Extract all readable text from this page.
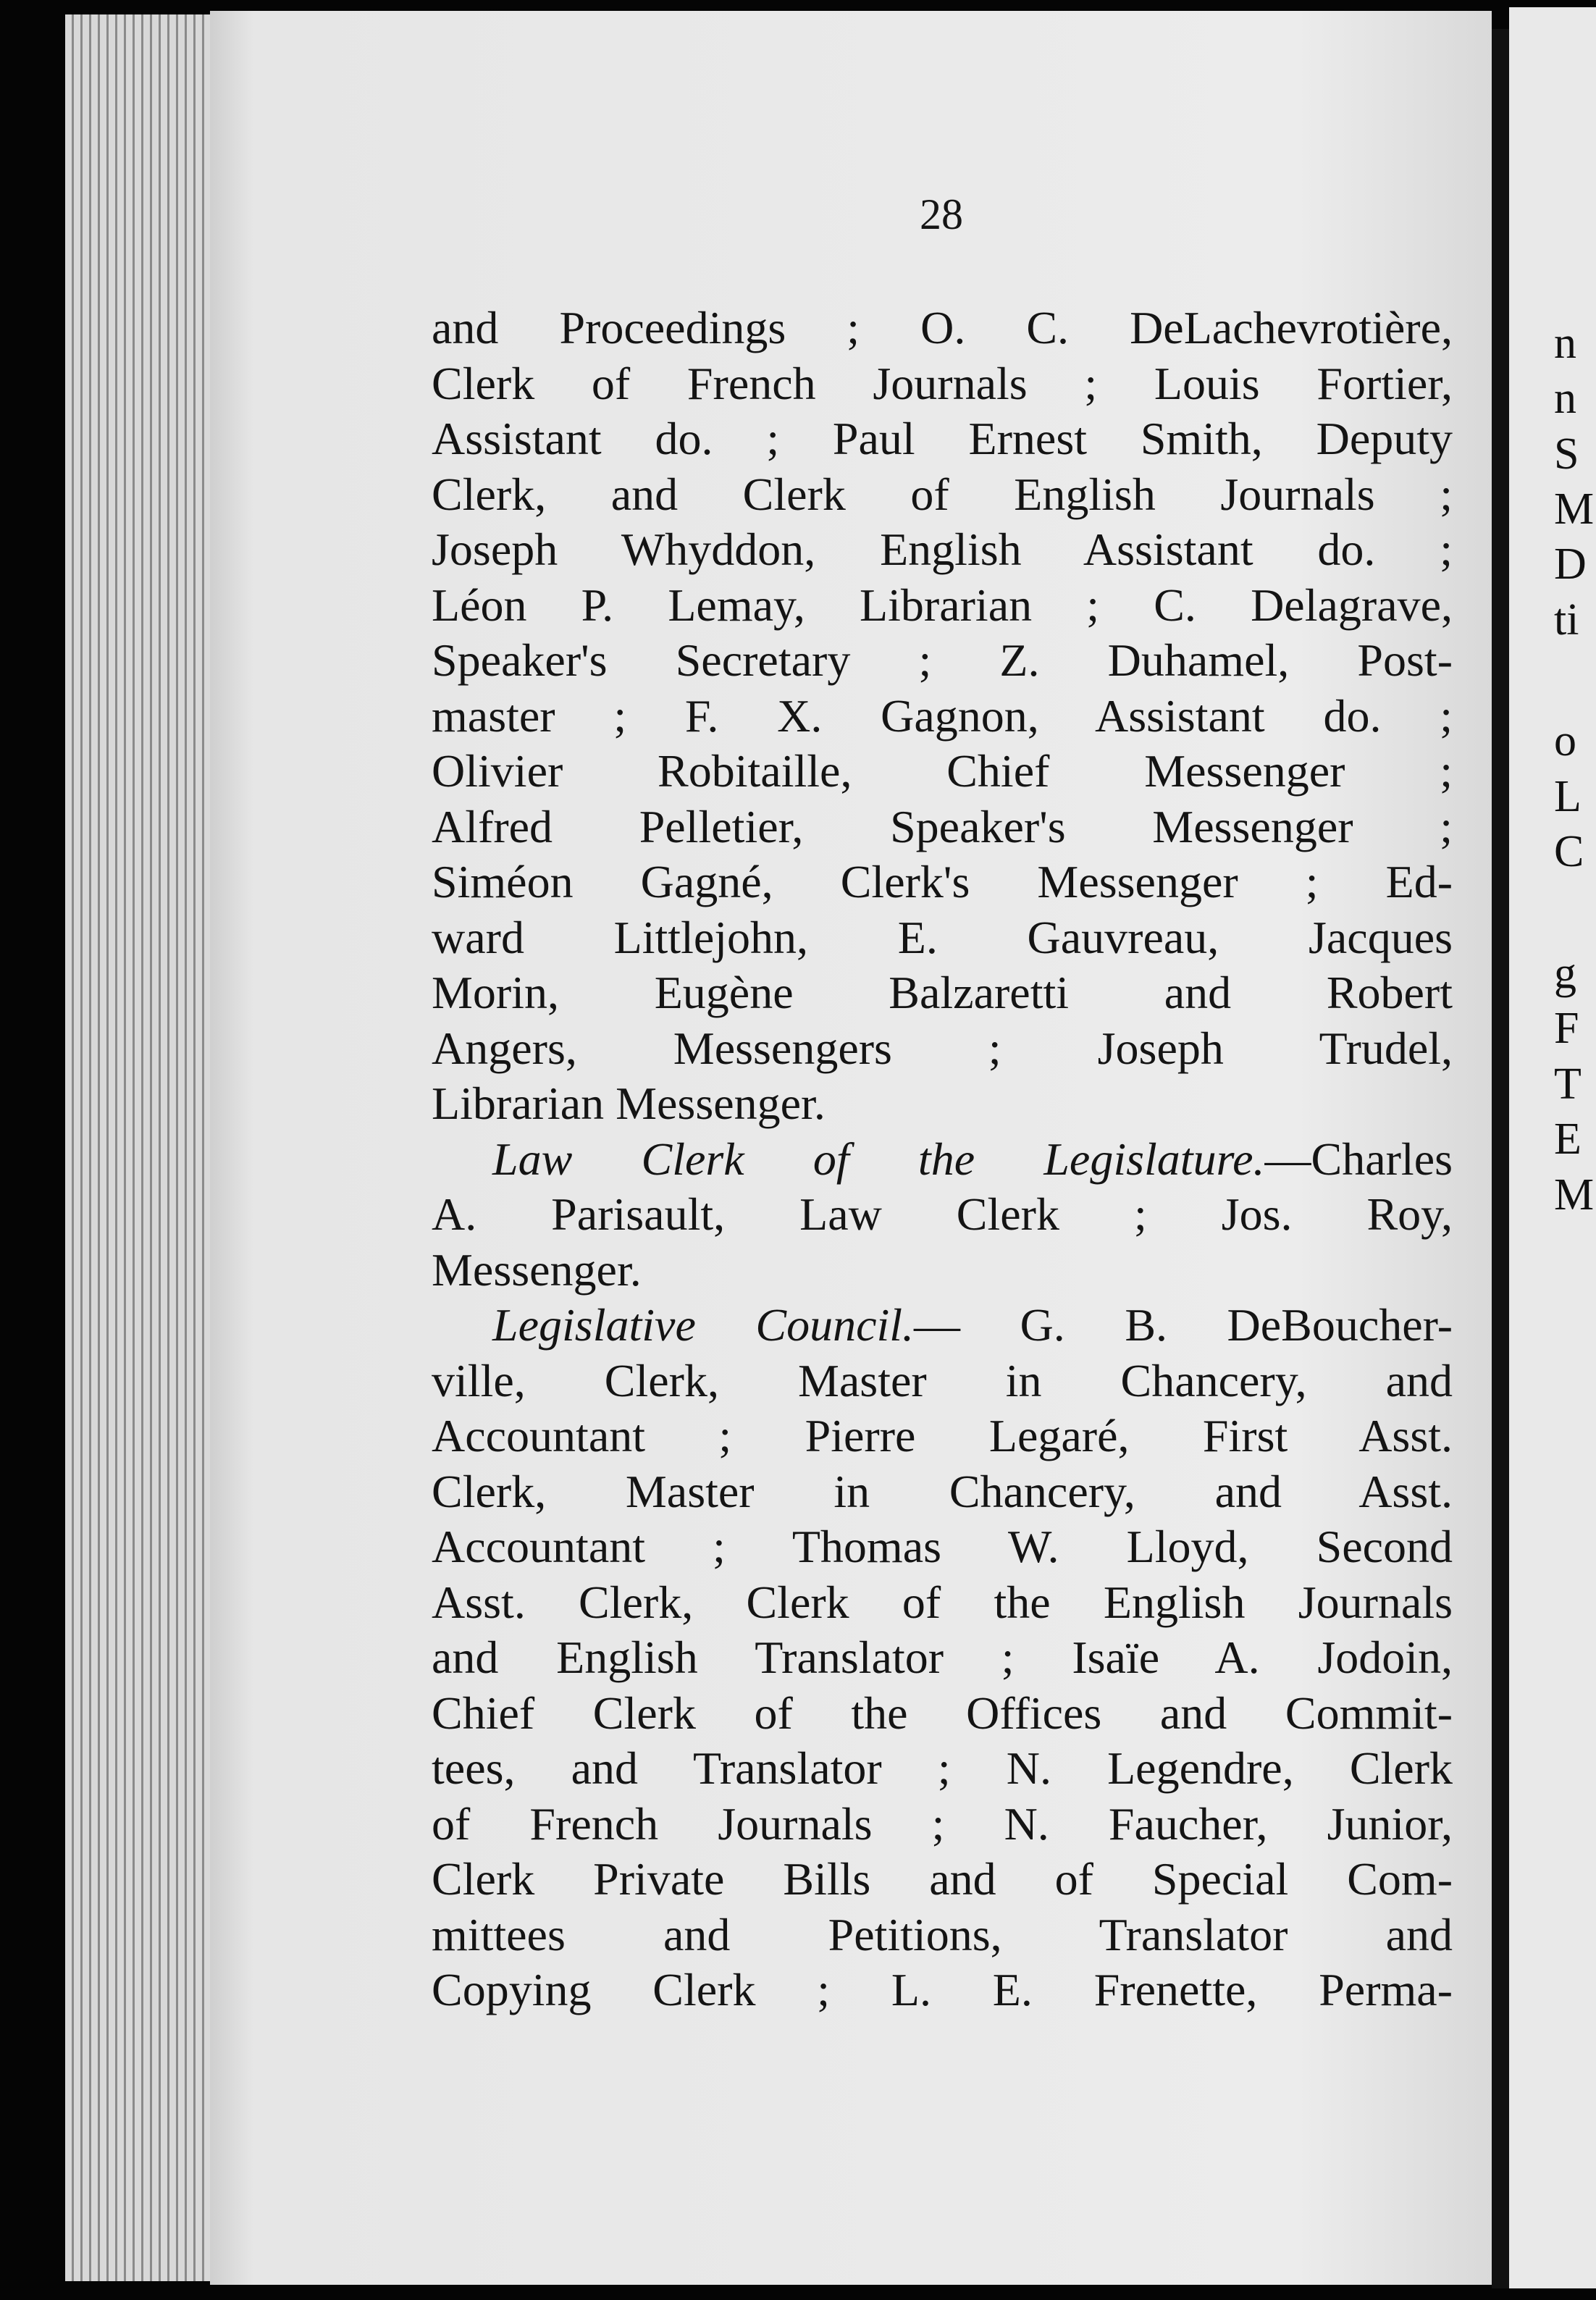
n
n
S
M
D
ti
o
L
C
g
F
T
E
M
28
and Proceedings ; O. C. DeLachevrotière,
Clerk of French Journals ; Louis Fortier,
Assistant do. ; Paul Ernest Smith, Deputy
Clerk, and Clerk of English Journals ;
Joseph Whyddon, English Assistant do. ;
Léon P. Lemay, Librarian ; C. Delagrave,
Speaker's Secretary ; Z. Duhamel, Post-
master ; F. X. Gagnon, Assistant do. ;
Olivier Robitaille, Chief Messenger ;
Alfred Pelletier, Speaker's Messenger ;
Siméon Gagné, Clerk's Messenger ; Ed-
ward Littlejohn, E. Gauvreau, Jacques
Morin, Eugène Balzaretti and Robert
Angers, Messengers ; Joseph Trudel,
Librarian Messenger.
Law Clerk of the Legislature.—Charles
A. Parisault, Law Clerk ; Jos. Roy,
Messenger.
Legislative Council.— G. B. DeBoucher-
ville, Clerk, Master in Chancery, and
Accountant ; Pierre Legaré, First Asst.
Clerk, Master in Chancery, and Asst.
Accountant ; Thomas W. Lloyd, Second
Asst. Clerk, Clerk of the English Journals
and English Translator ; Isaïe A. Jodoin,
Chief Clerk of the Offices and Commit-
tees, and Translator ; N. Legendre, Clerk
of French Journals ; N. Faucher, Junior,
Clerk Private Bills and of Special Com-
mittees and Petitions, Translator and
Copying Clerk ; L. E. Frenette, Perma-
